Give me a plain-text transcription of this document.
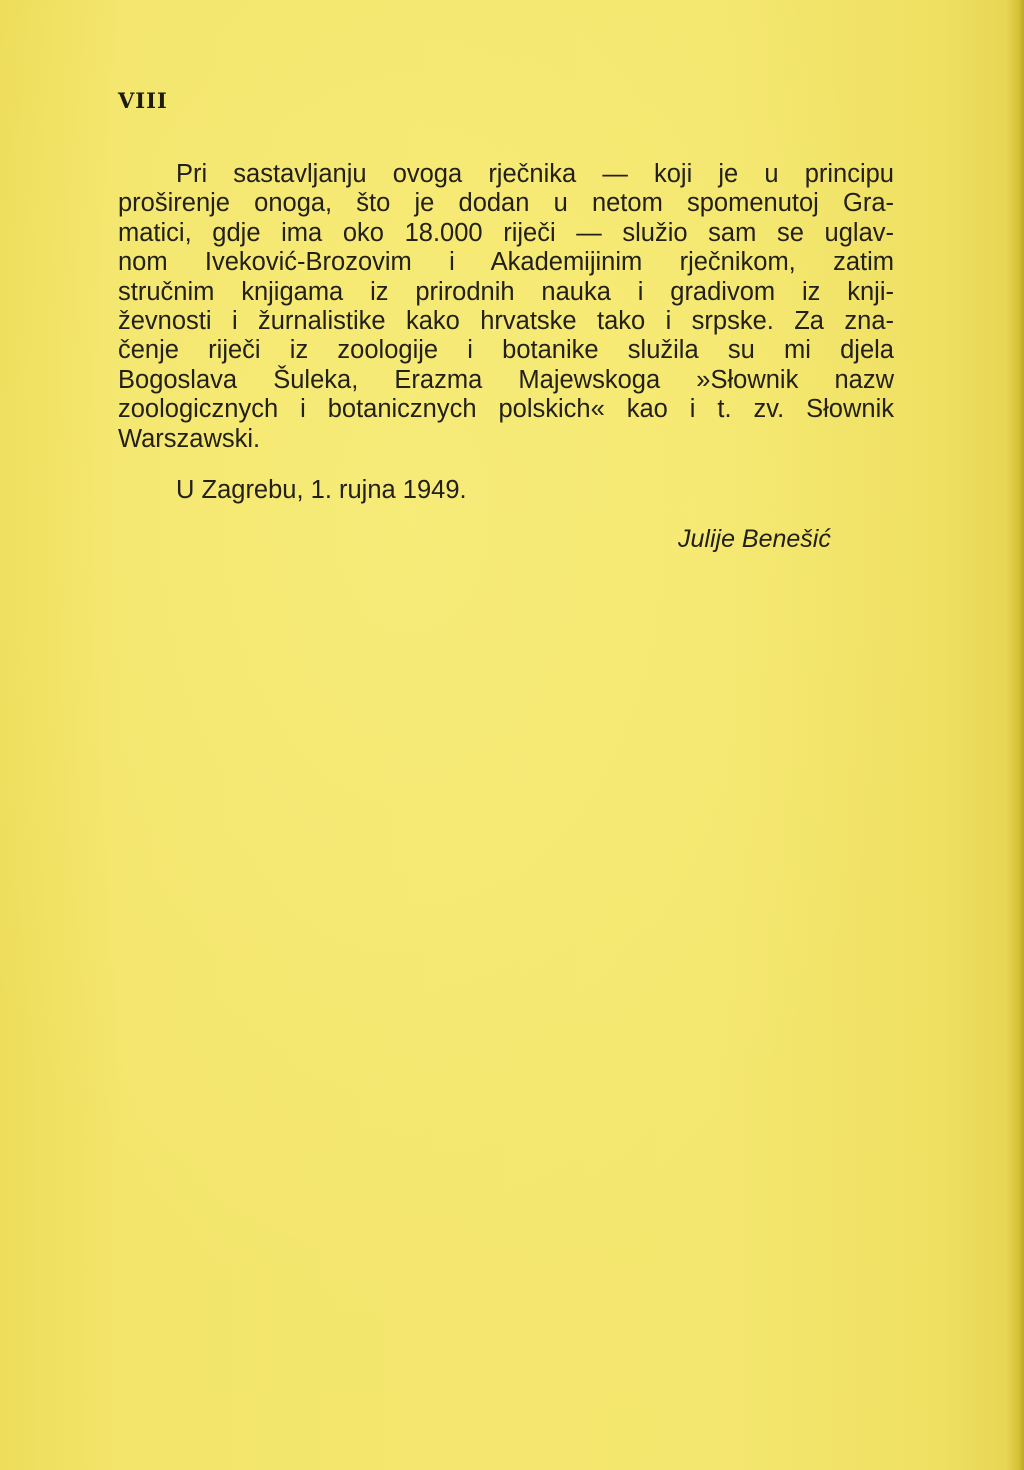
VIII
Pri sastavljanju ovoga rječnika — koji je u principu
proširenje onoga, što je dodan u netom spomenutoj Gra-
matici, gdje ima oko 18.000 riječi — služio sam se uglav-
nom Iveković-Brozovim i Akademijinim rječnikom, zatim
stručnim knjigama iz prirodnih nauka i gradivom iz knji-
ževnosti i žurnalistike kako hrvatske tako i srpske. Za zna-
čenje riječi iz zoologije i botanike služila su mi djela
Bogoslava Šuleka, Erazma Majewskoga »Słownik nazw
zoologicznych i botanicznych polskich« kao i t. zv. Słownik
Warszawski.
U Zagrebu, 1. rujna 1949.
Julije Benešić
